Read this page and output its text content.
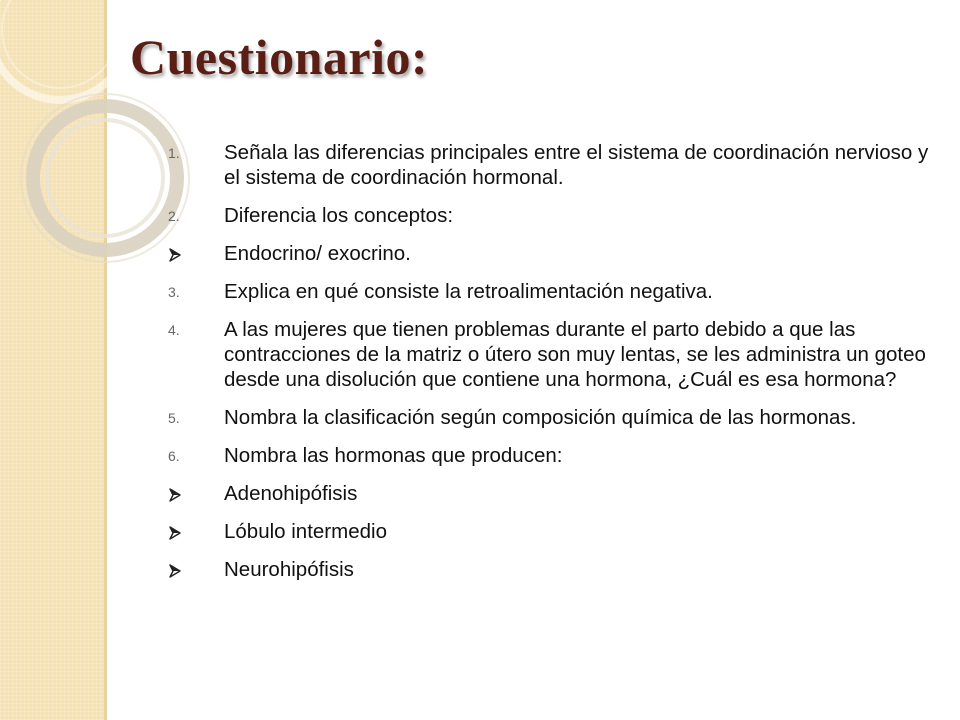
Cuestionario:
1.	Señala las diferencias principales entre el sistema de coordinación nervioso y el sistema de coordinación hormonal.
2.	Diferencia los conceptos:
Endocrino/ exocrino.
3.	Explica en qué consiste la retroalimentación negativa.
4.	A las mujeres que tienen problemas durante el parto debido a que las contracciones de la matriz o útero son muy lentas, se les administra un goteo desde una disolución que contiene una hormona, ¿Cuál es esa hormona?
5.	Nombra la clasificación según composición química de las hormonas.
6.	Nombra las hormonas que producen:
Adenohipófisis
Lóbulo intermedio
Neurohipófisis
